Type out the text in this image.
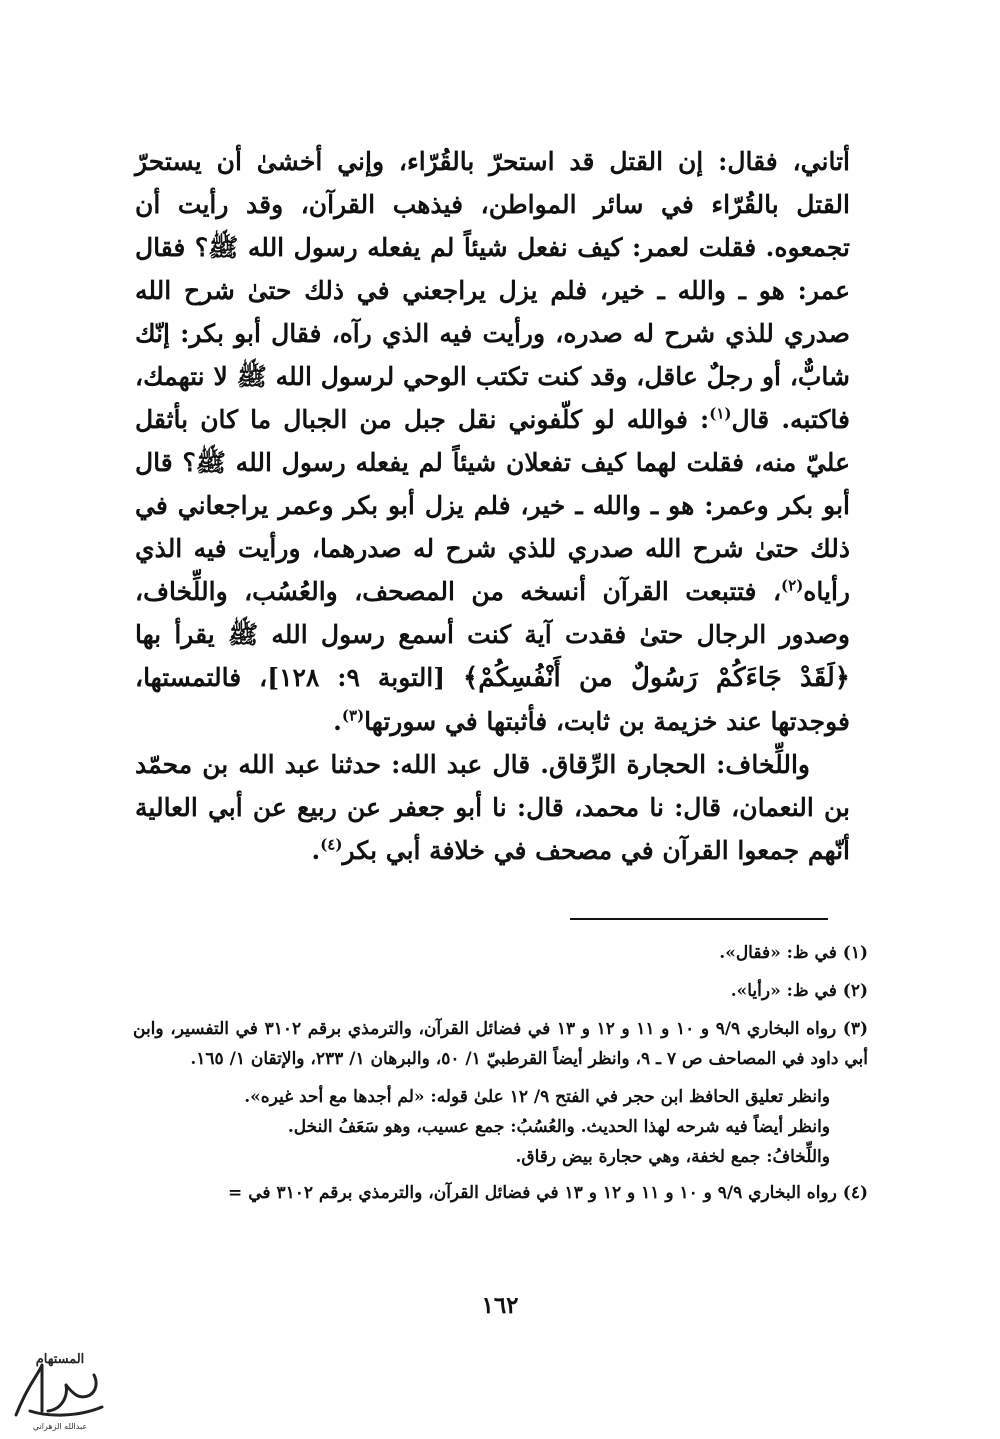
أتاني، فقال: إن القتل قد استحرّ بالقُرّاء، وإني أخشىٰ أن يستحرّ القتل بالقُرّاء في سائر المواطن، فيذهب القرآن، وقد رأيت أن تجمعوه. فقلت لعمر: كيف نفعل شيئاً لم يفعله رسول الله ﷺ؟ فقال عمر: هو ـ والله ـ خير، فلم يزل يراجعني في ذلك حتىٰ شرح الله صدري للذي شرح له صدره، ورأيت فيه الذي رآه، فقال أبو بكر: إنّك شابٌّ، أو رجلٌ عاقل، وقد كنت تكتب الوحي لرسول الله ﷺ لا نتهمك، فاكتبه. قال$^{(١)}$: فوالله لو كلّفوني نقل جبل من الجبال ما كان بأثقل عليّ منه، فقلت لهما كيف تفعلان شيئاً لم يفعله رسول الله ﷺ؟ قال أبو بكر وعمر: هو ـ والله ـ خير، فلم يزل أبو بكر وعمر يراجعاني في ذلك حتىٰ شرح الله صدري للذي شرح له صدرهما، ورأيت فيه الذي رأياه$^{(٢)}$، فتتبعت القرآن أنسخه من المصحف، والعُسُب، واللِّخاف، وصدور الرجال حتىٰ فقدت آية كنت أسمع رسول الله ﷺ يقرأ بها ﴿لَقَدْ جَاءَكُمْ رَسُولٌ من أَنْفُسِكُمْ﴾ [التوبة ٩: ١٢٨]، فالتمستها، فوجدتها عند خزيمة بن ثابت، فأثبتها في سورتها$^{(٣)}$.

واللِّخاف: الحجارة الرِّقاق. قال عبد الله: حدثنا عبد الله بن محمّد بن النعمان، قال: نا محمد، قال: نا أبو جعفر عن ربيع عن أبي العالية أنّهم جمعوا القرآن في مصحف في خلافة أبي بكر$^{(٤)}$.

(١) في ظ: «فقال».

(٢) في ظ: «رأيا».

(٣) رواه البخاري ٩/٩ و ١٠ و ١١ و ١٢ و ١٣ في فضائل القرآن، والترمذي برقم ٣١٠٢ في التفسير، وابن أبي داود في المصاحف ص ٧ ـ ٩، وانظر أيضاً القرطبيّ ١/ ٥٠، والبرهان ١/ ٢٣٣، والإتقان ١/ ١٦٥.

وانظر تعليق الحافظ ابن حجر في الفتح ٩/ ١٢ علىٰ قوله: «لم أجدها مع أحد غيره».

وانظر أيضاً فيه شرحه لهذا الحديث. والعُسُبُ: جمع عسيب، وهو سَعَفُ النخل.

واللِّخافُ: جمع لخفة، وهي حجارة بيض رقاق.

(٤) رواه البخاري ٩/٩ و ١٠ و ١١ و ١٢ و ١٣ في فضائل القرآن، والترمذي برقم ٣١٠٢ في =

١٦٢
المستهام
عبدالله الزهراني
